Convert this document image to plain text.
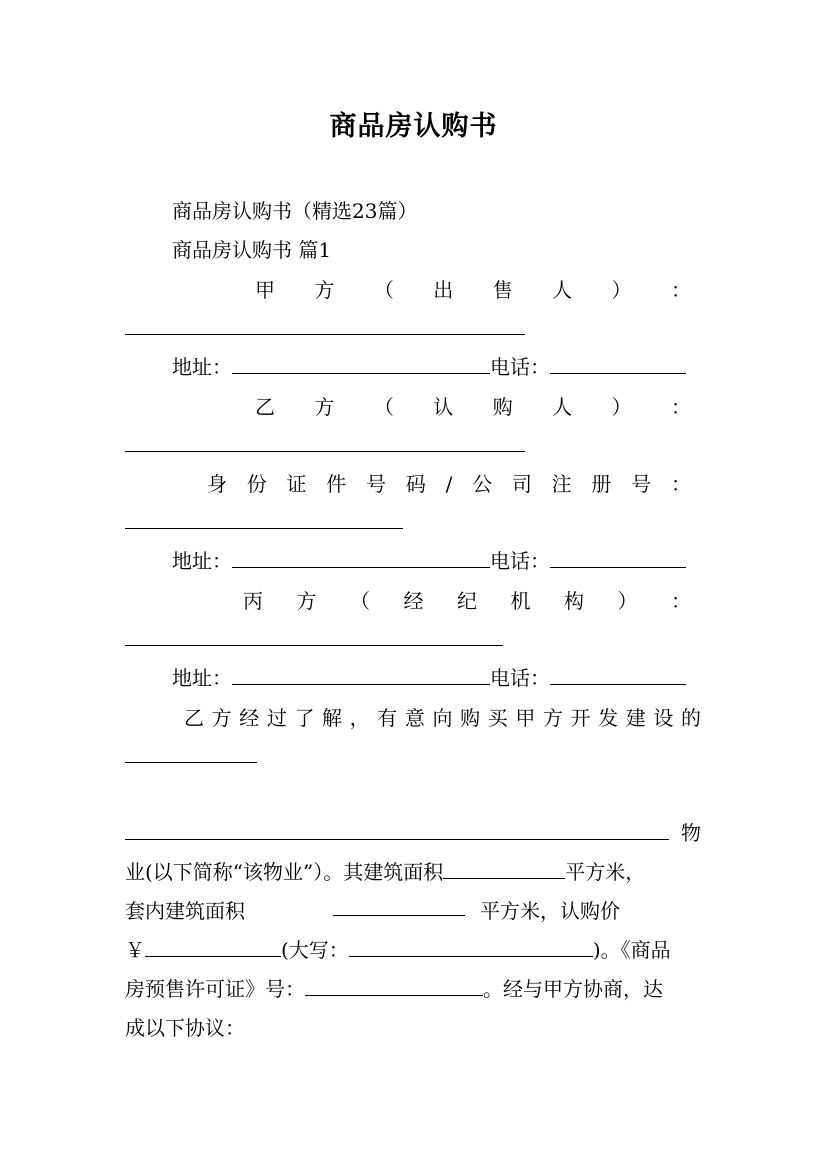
商品房认购书
商品房认购书（精选23篇）
商品房认购书 篇1
甲 方 （ 出 售 人 ） ：
地址：	电话：
乙 方 （ 认 购 人 ） ：
身 份 证 件 号 码 / 公 司 注 册 号 ：
地址：	电话：
丙 方 （ 经 纪 机 构 ） ：
地址：	电话：
乙 方 经 过 了 解 ， 有 意 向 购 买 甲 方 开 发 建 设 的
物
业(以下简称“该物业”）。其建筑面积	平方米，
套内建筑面积	平方米，认购价
￥	(大写：	)。《商品
房预售许可证》号：	。经与甲方协商，达
成以下协议：
